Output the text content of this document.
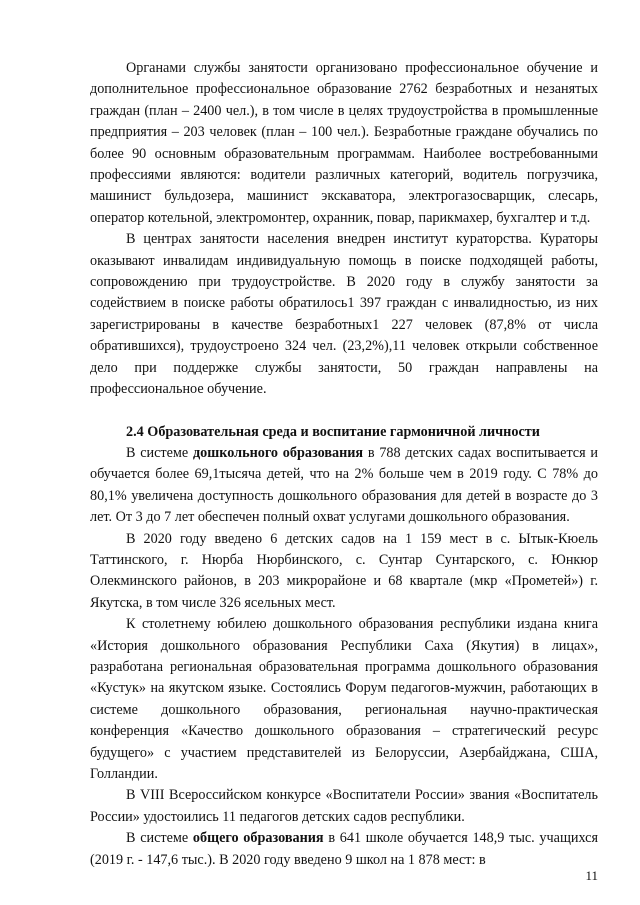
Органами службы занятости организовано профессиональное обучение и дополнительное профессиональное образование 2762 безработных и незанятых граждан (план – 2400 чел.), в том числе в целях трудоустройства в промышленные предприятия – 203 человек (план – 100 чел.). Безработные граждане обучались по более 90 основным образовательным программам. Наиболее востребованными профессиями являются: водители различных категорий, водитель погрузчика, машинист бульдозера, машинист экскаватора, электрогазосварщик, слесарь, оператор котельной, электромонтер, охранник, повар, парикмахер, бухгалтер и т.д.

В центрах занятости населения внедрен институт кураторства. Кураторы оказывают инвалидам индивидуальную помощь в поиске подходящей работы, сопровождению при трудоустройстве. В 2020 году в службу занятости за содействием в поиске работы обратилось1 397 граждан с инвалидностью, из них зарегистрированы в качестве безработных1 227 человек (87,8% от числа обратившихся), трудоустроено 324 чел. (23,2%),11 человек открыли собственное дело при поддержке службы занятости, 50 граждан направлены на профессиональное обучение.

2.4 Образовательная среда и воспитание гармоничной личности

В системе дошкольного образования в 788 детских садах воспитывается и обучается более 69,1тысяча детей, что на 2% больше чем в 2019 году. С 78% до 80,1% увеличена доступность дошкольного образования для детей в возрасте до 3 лет. От 3 до 7 лет обеспечен полный охват услугами дошкольного образования.

В 2020 году введено 6 детских садов на 1 159 мест в с. Ытык-Кюель Таттинского, г. Нюрба Нюрбинского, с. Сунтар Сунтарского, с. Юнкюр Олекминского районов, в 203 микрорайоне и 68 квартале (мкр «Прометей») г. Якутска, в том числе 326 ясельных мест.

К столетнему юбилею дошкольного образования республики издана книга «История дошкольного образования Республики Саха (Якутия) в лицах», разработана региональная образовательная программа дошкольного образования «Кустук» на якутском языке. Состоялись Форум педагогов-мужчин, работающих в системе дошкольного образования, региональная научно-практическая конференция «Качество дошкольного образования – стратегический ресурс будущего» с участием представителей из Белоруссии, Азербайджана, США, Голландии.

В VIII Всероссийском конкурсе «Воспитатели России» звания «Воспитатель России» удостоились 11 педагогов детских садов республики.

В системе общего образования в 641 школе обучается 148,9 тыс. учащихся (2019 г. - 147,6 тыс.). В 2020 году введено 9 школ на 1 878 мест: в

11
